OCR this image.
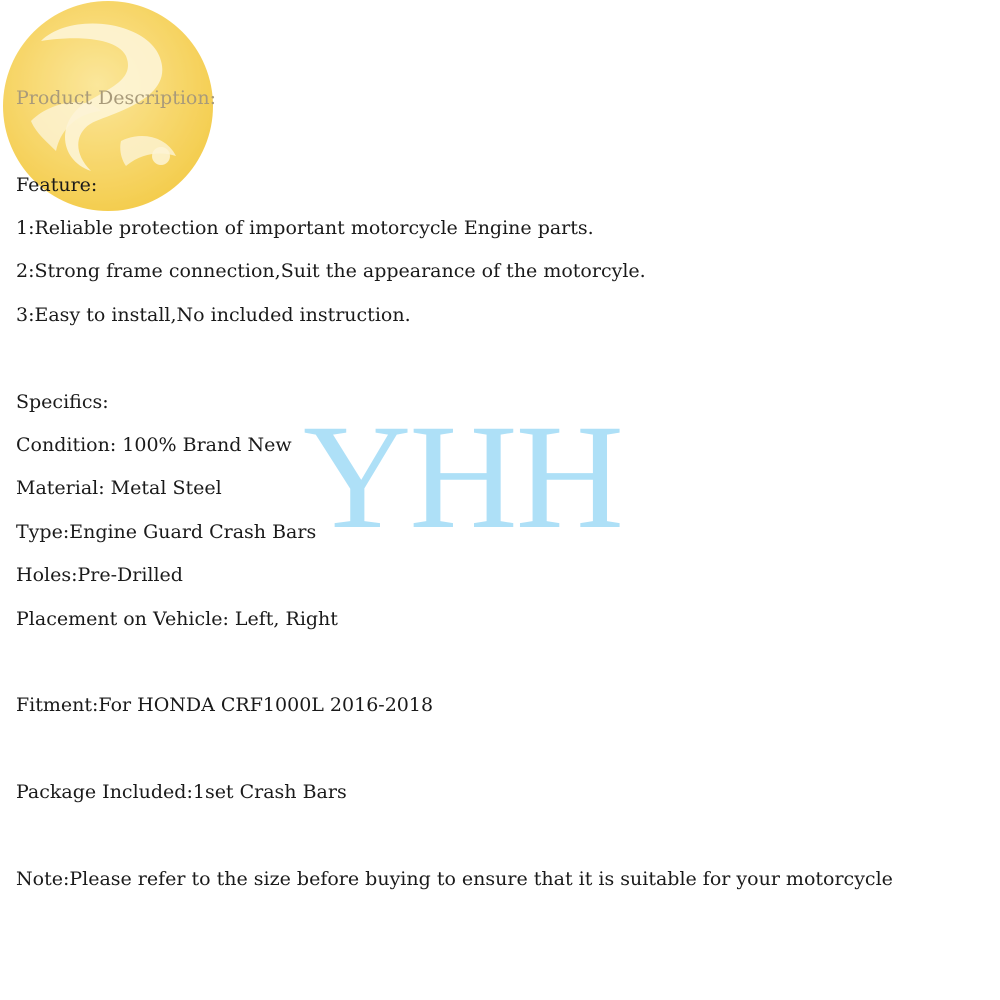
YHH
Product Description:
Feature:
1:Reliable protection of important motorcycle Engine parts.
2:Strong frame connection,Suit the appearance of the motorcyle.
3:Easy to install,No included instruction.
Specifics:
Condition: 100% Brand New
Material: Metal Steel
Type:Engine Guard Crash Bars
Holes:Pre-Drilled
Placement on Vehicle: Left, Right
Fitment:For HONDA CRF1000L 2016-2018
Package Included:1set Crash Bars
Note:Please refer to the size before buying to ensure that it is suitable for your motorcycle
